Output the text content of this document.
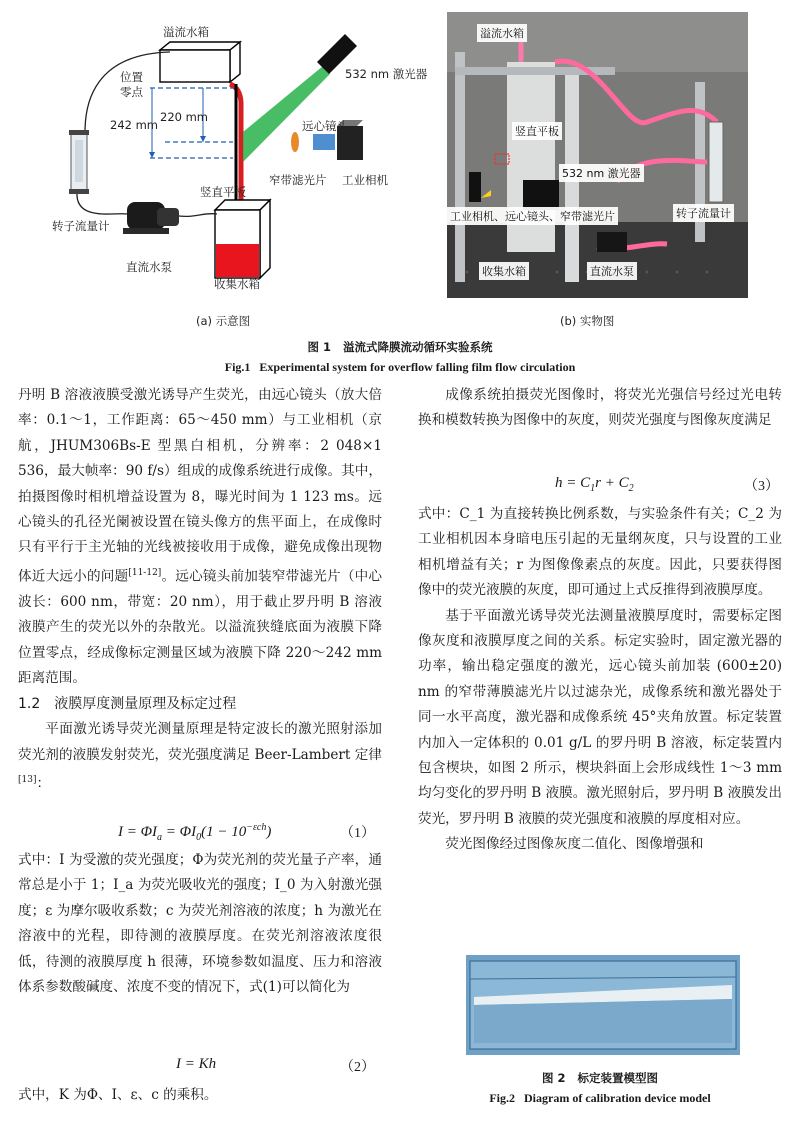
溢流水箱
位置
零点
242 mm
220 mm
532 nm 激光器
远心镜头
窄带滤光片 工业相机
竖直平板
转子流量计
直流水泵
收集水箱
溢流水箱
竖直平板
532 nm 激光器
工业相机、远心镜头、窄带滤光片	转子流量计
收集水箱	直流水泵
(a) 示意图	(b) 实物图
图 1 溢流式降膜流动循环实验系统
Fig.1 Experimental system for overflow falling film flow circulation

丹明 B 溶液液膜受激光诱导产生荧光，由远心镜头（放大倍率：0.1～1，工作距离：65～450 mm）与工业相机（京航，JHUM306Bs-E 型黑白相机，分辨率：2 048×1 536，最大帧率：90 f/s）组成的成像系统进行成像。其中，拍摄图像时相机增益设置为 8，曝光时间为 1 123 ms。远心镜头的孔径光阑被设置在镜头像方的焦平面上，在成像时只有平行于主光轴的光线被接收用于成像，避免成像出现物体近大远小的问题[11-12]。远心镜头前加装窄带滤光片（中心波长：600 nm，带宽：20 nm），用于截止罗丹明 B 溶液液膜产生的荧光以外的杂散光。以溢流狭缝底面为液膜下降位置零点，经成像标定测量区域为液膜下降 220～242 mm 距离范围。

1.2　液膜厚度测量原理及标定过程

平面激光诱导荧光测量原理是特定波长的激光照射添加荧光剂的液膜发射荧光，荧光强度满足 Beer-Lambert 定律[13]：

$I = \Phi I_a = \Phi I_0(1 - 10^{-\varepsilon ch})$	（1）

式中：I 为受激的荧光强度；Φ为荧光剂的荧光量子产率，通常总是小于 1；I_a 为荧光吸收光的强度；I_0 为入射激光强度；ε 为摩尔吸收系数；c 为荧光剂溶液的浓度；h 为激光在溶液中的光程，即待测的液膜厚度。在荧光剂溶液浓度很低，待测的液膜厚度 h 很薄，环境参数如温度、压力和溶液体系参数酸碱度、浓度不变的情况下，式(1)可以简化为

I = Kh	（2）

式中，K 为Φ、I、ε、c 的乘积。

成像系统拍摄荧光图像时，将荧光光强信号经过光电转换和模数转换为图像中的灰度，则荧光强度与图像灰度满足

$h = C_1r + C_2$	（3）

式中：C_1 为直接转换比例系数，与实验条件有关；C_2 为工业相机因本身暗电压引起的无量纲灰度，只与设置的工业相机增益有关；r 为图像像素点的灰度。因此，只要获得图像中的荧光液膜的灰度，即可通过上式反推得到液膜厚度。

基于平面激光诱导荧光法测量液膜厚度时，需要标定图像灰度和液膜厚度之间的关系。标定实验时，固定激光器的功率，输出稳定强度的激光，远心镜头前加装 (600±20) nm 的窄带薄膜滤光片以过滤杂光，成像系统和激光器处于同一水平高度，激光器和成像系统 45°夹角放置。标定装置内加入一定体积的 0.01 g/L 的罗丹明 B 溶液，标定装置内包含楔块，如图 2 所示，楔块斜面上会形成线性 1～3 mm 均匀变化的罗丹明 B 液膜。激光照射后，罗丹明 B 液膜发出荧光，罗丹明 B 液膜的荧光强度和液膜的厚度相对应。

荧光图像经过图像灰度二值化、图像增强和

图 2 标定装置模型图
Fig.2 Diagram of calibration device model
